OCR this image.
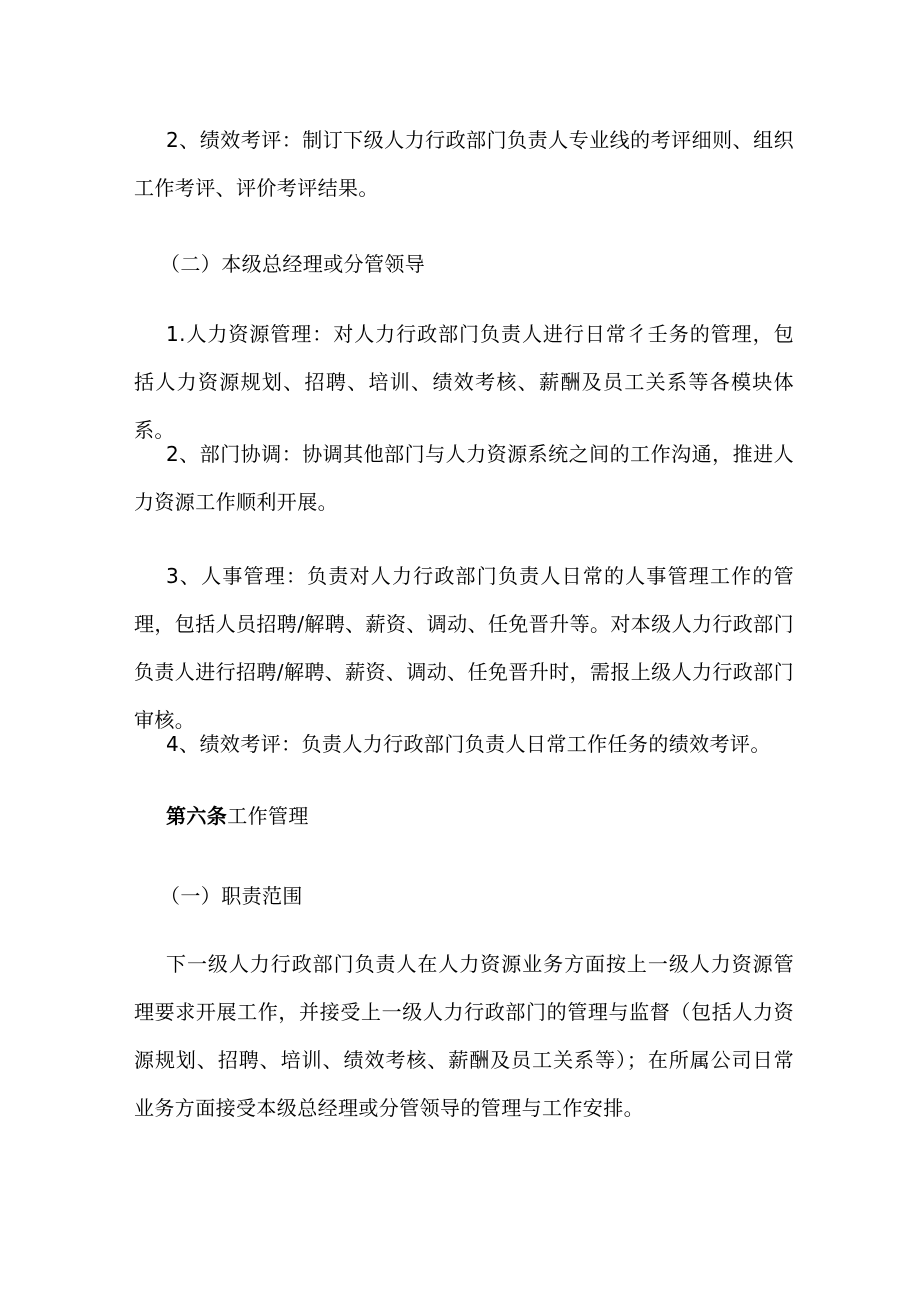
2、绩效考评：制订下级人力行政部门负责人专业线的考评细则、组织工作考评、评价考评结果。

（二）本级总经理或分管领导

1.人力资源管理：对人力行政部门负责人进行日常彳壬务的管理，包括人力资源规划、招聘、培训、绩效考核、薪酬及员工关系等各模块体系。

2、部门协调：协调其他部门与人力资源系统之间的工作沟通，推进人力资源工作顺利开展。

3、人事管理：负责对人力行政部门负责人日常的人事管理工作的管理，包括人员招聘/解聘、薪资、调动、任免晋升等。对本级人力行政部门负责人进行招聘/解聘、薪资、调动、任免晋升时，需报上级人力行政部门审核。

4、绩效考评：负责人力行政部门负责人日常工作任务的绩效考评。

第六条工作管理

（一）职责范围

下一级人力行政部门负责人在人力资源业务方面按上一级人力资源管理要求开展工作，并接受上一级人力行政部门的管理与监督（包括人力资源规划、招聘、培训、绩效考核、薪酬及员工关系等）；在所属公司日常业务方面接受本级总经理或分管领导的管理与工作安排。
